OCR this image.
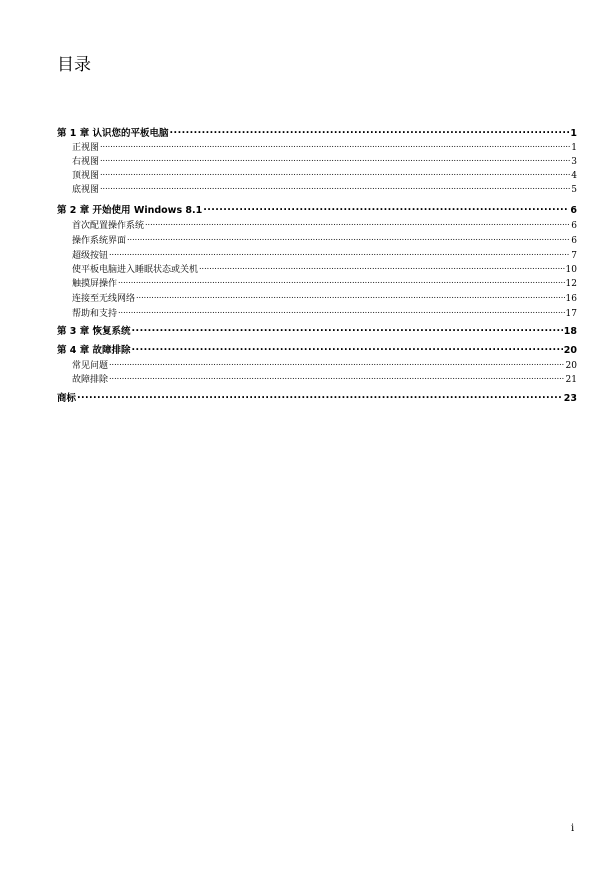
目录
第 1 章 认识您的平板电脑 .....	1
正视图 .....	1
右视图 .....	3
顶视图 .....	4
底视图 .....	5
第 2 章 开始使用 Windows 8.1 .....	6
首次配置操作系统 .....	6
操作系统界面 .....	6
超级按钮 .....	7
使平板电脑进入睡眠状态或关机 .....	10
触摸屏操作 .....	12
连接至无线网络 .....	16
帮助和支持 .....	17
第 3 章 恢复系统 .....	18
第 4 章 故障排除 .....	20
常见问题 .....	20
故障排除 .....	21
商标 .....	23
i
